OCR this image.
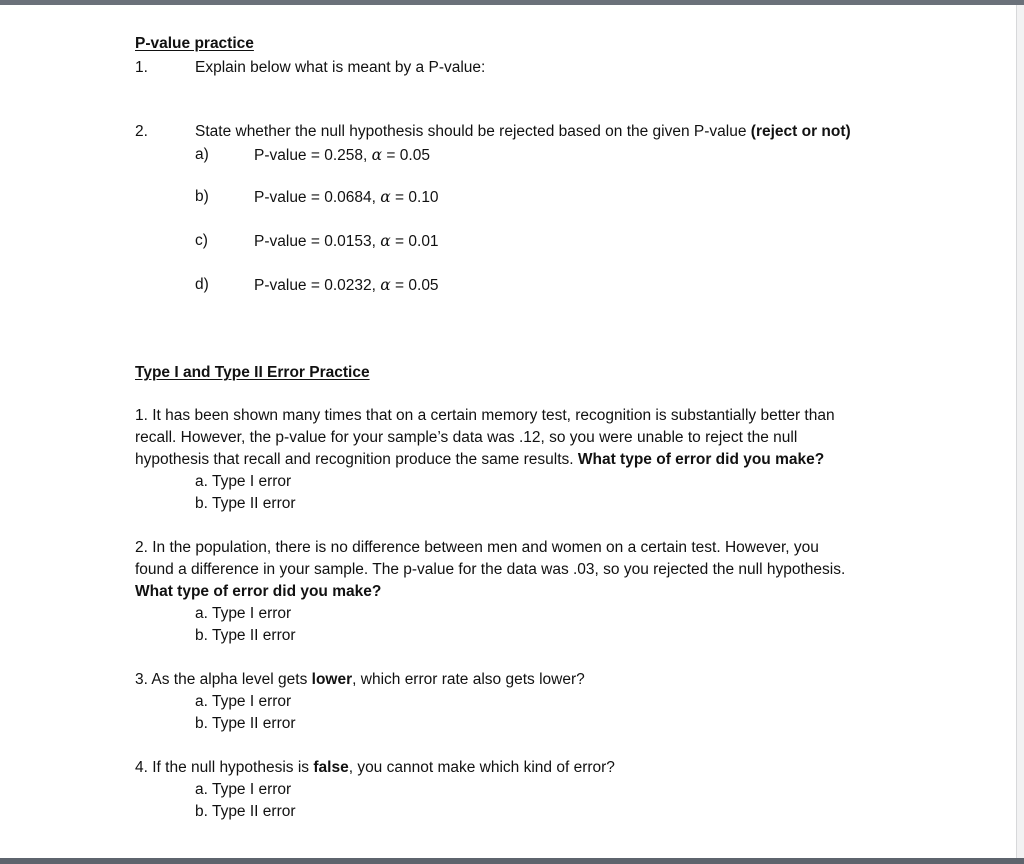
P-value practice
1.	Explain below what is meant by a P-value:
2.	State whether the null hypothesis should be rejected based on the given P-value (reject or not)
a)	P-value = 0.258, α = 0.05
b)	P-value = 0.0684, α = 0.10
c)	P-value = 0.0153, α = 0.01
d)	P-value = 0.0232, α = 0.05
Type I and Type II Error Practice
1. It has been shown many times that on a certain memory test, recognition is substantially better than
recall. However, the p-value for your sample’s data was .12, so you were unable to reject the null
hypothesis that recall and recognition produce the same results. What type of error did you make?
a. Type I error
b. Type II error
2. In the population, there is no difference between men and women on a certain test. However, you
found a difference in your sample. The p-value for the data was .03, so you rejected the null hypothesis.
What type of error did you make?
a. Type I error
b. Type II error
3. As the alpha level gets lower, which error rate also gets lower?
a. Type I error
b. Type II error
4. If the null hypothesis is false, you cannot make which kind of error?
a. Type I error
b. Type II error
